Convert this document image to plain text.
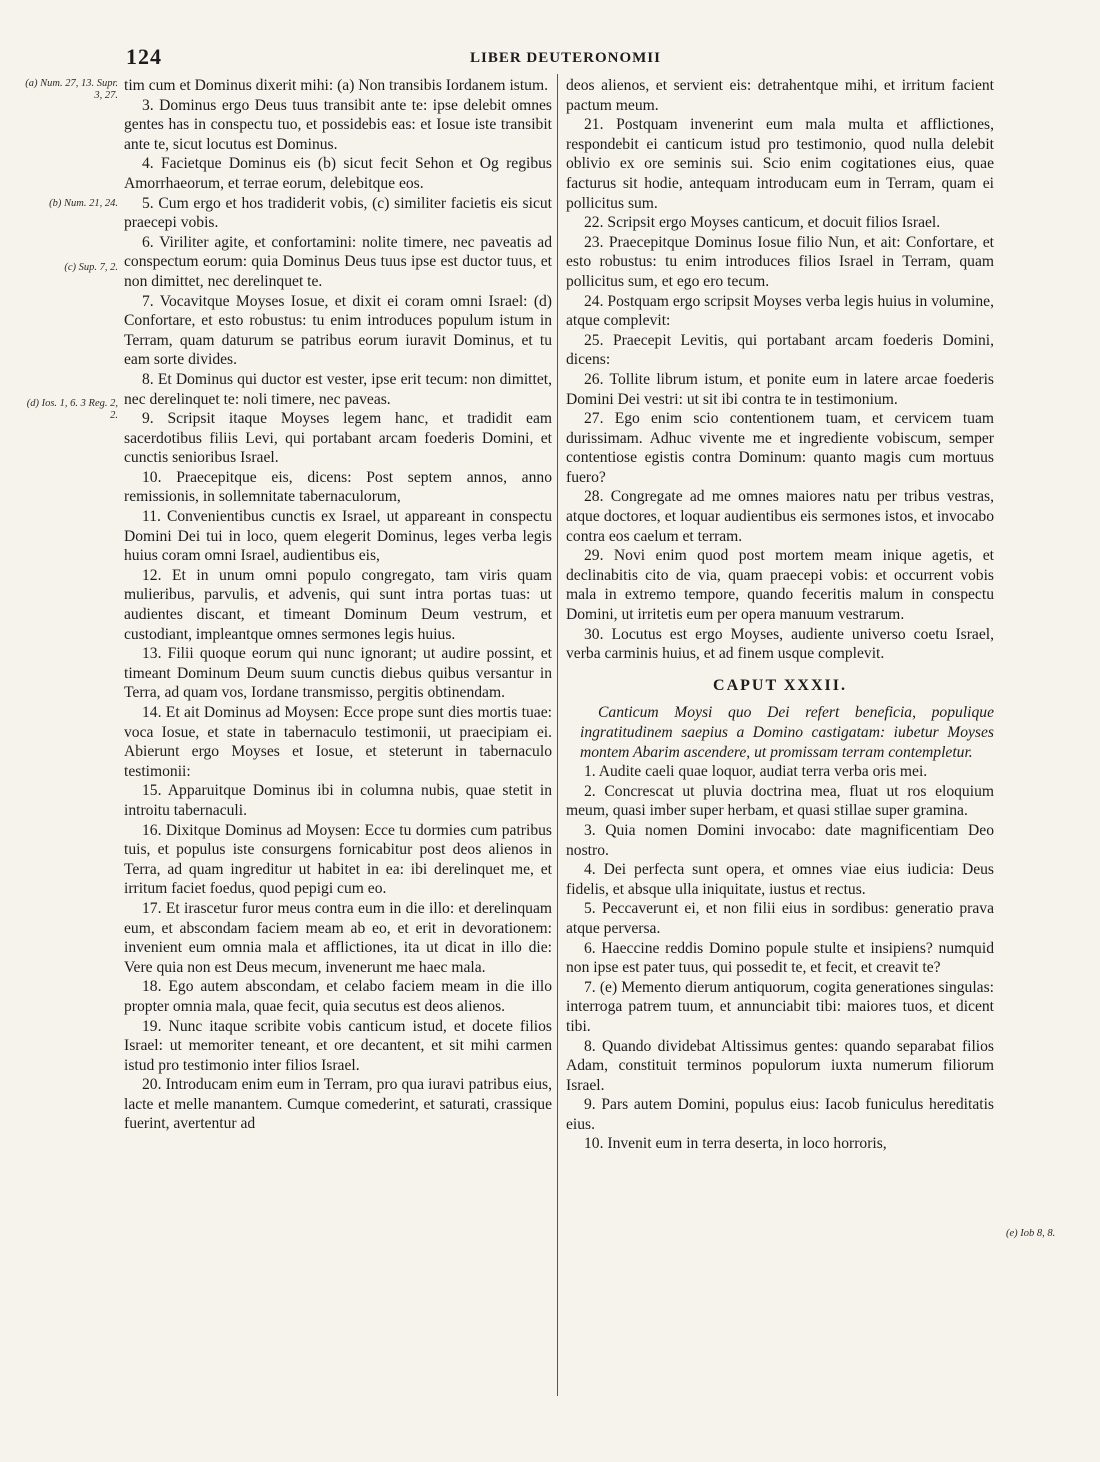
124	LIBER DEUTERONOMII
(a) Num. 27, 13. Supr. 3, 27.
(b) Num. 21, 24.
(c) Sup. 7, 2.
(d) Ios. 1, 6. 3 Reg. 2, 2.
(e) Iob 8, 8.

tim cum et Dominus dixerit mihi: (a) Non transibis Iordanem istum.

3. Dominus ergo Deus tuus transibit ante te: ipse delebit omnes gentes has in conspectu tuo, et possidebis eas: et Iosue iste transibit ante te, sicut locutus est Dominus.

4. Facietque Dominus eis (b) sicut fecit Sehon et Og regibus Amorrhaeorum, et terrae eorum, delebitque eos.

5. Cum ergo et hos tradiderit vobis, (c) similiter facietis eis sicut praecepi vobis.

6. Viriliter agite, et confortamini: nolite timere, nec paveatis ad conspectum eorum: quia Dominus Deus tuus ipse est ductor tuus, et non dimittet, nec derelinquet te.

7. Vocavitque Moyses Iosue, et dixit ei coram omni Israel: (d) Confortare, et esto robustus: tu enim introduces populum istum in Terram, quam daturum se patribus eorum iuravit Dominus, et tu eam sorte divides.

8. Et Dominus qui ductor est vester, ipse erit tecum: non dimittet, nec derelinquet te: noli timere, nec paveas.

9. Scripsit itaque Moyses legem hanc, et tradidit eam sacerdotibus filiis Levi, qui portabant arcam foederis Domini, et cunctis senioribus Israel.

10. Praecepitque eis, dicens: Post septem annos, anno remissionis, in sollemnitate tabernaculorum,

11. Convenientibus cunctis ex Israel, ut appareant in conspectu Domini Dei tui in loco, quem elegerit Dominus, leges verba legis huius coram omni Israel, audientibus eis,

12. Et in unum omni populo congregato, tam viris quam mulieribus, parvulis, et advenis, qui sunt intra portas tuas: ut audientes discant, et timeant Dominum Deum vestrum, et custodiant, impleantque omnes sermones legis huius.

13. Filii quoque eorum qui nunc ignorant; ut audire possint, et timeant Dominum Deum suum cunctis diebus quibus versantur in Terra, ad quam vos, Iordane transmisso, pergitis obtinendam.

14. Et ait Dominus ad Moysen: Ecce prope sunt dies mortis tuae: voca Iosue, et state in tabernaculo testimonii, ut praecipiam ei. Abierunt ergo Moyses et Iosue, et steterunt in tabernaculo testimonii:

15. Apparuitque Dominus ibi in columna nubis, quae stetit in introitu tabernaculi.

16. Dixitque Dominus ad Moysen: Ecce tu dormies cum patribus tuis, et populus iste consurgens fornicabitur post deos alienos in Terra, ad quam ingreditur ut habitet in ea: ibi derelinquet me, et irritum faciet foedus, quod pepigi cum eo.

17. Et irascetur furor meus contra eum in die illo: et derelinquam eum, et abscondam faciem meam ab eo, et erit in devorationem: invenient eum omnia mala et afflictiones, ita ut dicat in illo die: Vere quia non est Deus mecum, invenerunt me haec mala.

18. Ego autem abscondam, et celabo faciem meam in die illo propter omnia mala, quae fecit, quia secutus est deos alienos.

19. Nunc itaque scribite vobis canticum istud, et docete filios Israel: ut memoriter teneant, et ore decantent, et sit mihi carmen istud pro testimonio inter filios Israel.

20. Introducam enim eum in Terram, pro qua iuravi patribus eius, lacte et melle manantem. Cumque comederint, et saturati, crassique fuerint, avertentur ad

deos alienos, et servient eis: detrahentque mihi, et irritum facient pactum meum.

21. Postquam invenerint eum mala multa et afflictiones, respondebit ei canticum istud pro testimonio, quod nulla delebit oblivio ex ore seminis sui. Scio enim cogitationes eius, quae facturus sit hodie, antequam introducam eum in Terram, quam ei pollicitus sum.

22. Scripsit ergo Moyses canticum, et docuit filios Israel.

23. Praecepitque Dominus Iosue filio Nun, et ait: Confortare, et esto robustus: tu enim introduces filios Israel in Terram, quam pollicitus sum, et ego ero tecum.

24. Postquam ergo scripsit Moyses verba legis huius in volumine, atque complevit:

25. Praecepit Levitis, qui portabant arcam foederis Domini, dicens:

26. Tollite librum istum, et ponite eum in latere arcae foederis Domini Dei vestri: ut sit ibi contra te in testimonium.

27. Ego enim scio contentionem tuam, et cervicem tuam durissimam. Adhuc vivente me et ingrediente vobiscum, semper contentiose egistis contra Dominum: quanto magis cum mortuus fuero?

28. Congregate ad me omnes maiores natu per tribus vestras, atque doctores, et loquar audientibus eis sermones istos, et invocabo contra eos caelum et terram.

29. Novi enim quod post mortem meam inique agetis, et declinabitis cito de via, quam praecepi vobis: et occurrent vobis mala in extremo tempore, quando feceritis malum in conspectu Domini, ut irritetis eum per opera manuum vestrarum.

30. Locutus est ergo Moyses, audiente universo coetu Israel, verba carminis huius, et ad finem usque complevit.

CAPUT XXXII.

Canticum Moysi quo Dei refert beneficia, populique ingratitudinem saepius a Domino castigatam: iubetur Moyses montem Abarim ascendere, ut promissam terram contempletur.

1. Audite caeli quae loquor, audiat terra verba oris mei.

2. Concrescat ut pluvia doctrina mea, fluat ut ros eloquium meum, quasi imber super herbam, et quasi stillae super gramina.

3. Quia nomen Domini invocabo: date magnificentiam Deo nostro.

4. Dei perfecta sunt opera, et omnes viae eius iudicia: Deus fidelis, et absque ulla iniquitate, iustus et rectus.

5. Peccaverunt ei, et non filii eius in sordibus: generatio prava atque perversa.

6. Haeccine reddis Domino popule stulte et insipiens? numquid non ipse est pater tuus, qui possedit te, et fecit, et creavit te?

7. (e) Memento dierum antiquorum, cogita generationes singulas: interroga patrem tuum, et annunciabit tibi: maiores tuos, et dicent tibi.

8. Quando dividebat Altissimus gentes: quando separabat filios Adam, constituit terminos populorum iuxta numerum filiorum Israel.

9. Pars autem Domini, populus eius: Iacob funiculus hereditatis eius.

10. Invenit eum in terra deserta, in loco horroris,
